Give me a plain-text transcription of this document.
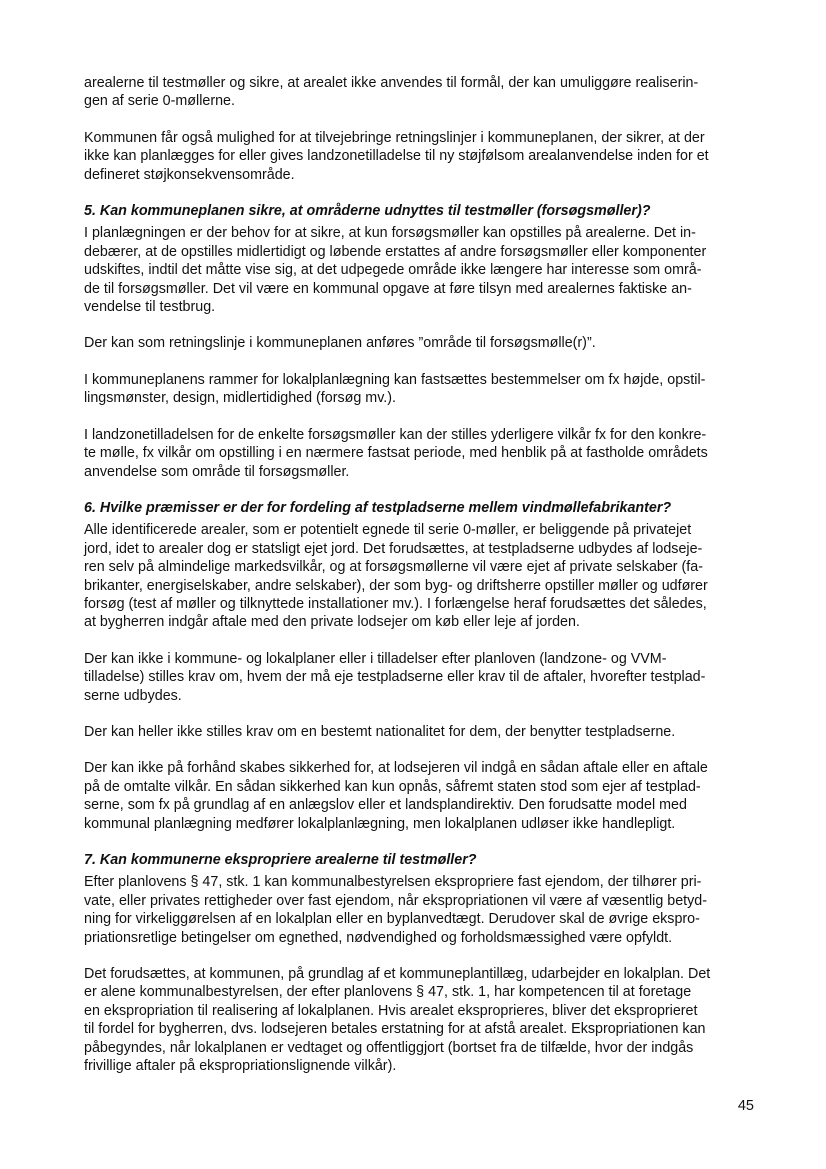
arealerne til testmøller og sikre, at arealet ikke anvendes til formål, der kan umuliggøre realiserin-
gen af serie 0-møllerne.

Kommunen får også mulighed for at tilvejebringe retningslinjer i kommuneplanen, der sikrer, at der
ikke kan planlægges for eller gives landzonetilladelse til ny støjfølsom arealanvendelse inden for et
defineret støjkonsekvensområde.

5. Kan kommuneplanen sikre, at områderne udnyttes til testmøller (forsøgsmøller)?

I planlægningen er der behov for at sikre, at kun forsøgsmøller kan opstilles på arealerne. Det in-
debærer, at de opstilles midlertidigt og løbende erstattes af andre forsøgsmøller eller komponenter
udskiftes, indtil det måtte vise sig, at det udpegede område ikke længere har interesse som områ-
de til forsøgsmøller. Det vil være en kommunal opgave at føre tilsyn med arealernes faktiske an-
vendelse til testbrug.

Der kan som retningslinje i kommuneplanen anføres ”område til forsøgsmølle(r)”.

I kommuneplanens rammer for lokalplanlægning kan fastsættes bestemmelser om fx højde, opstil-
lingsmønster, design, midlertidighed (forsøg mv.).

I landzonetilladelsen for de enkelte forsøgsmøller kan der stilles yderligere vilkår fx for den konkre-
te mølle, fx vilkår om opstilling i en nærmere fastsat periode, med henblik på at fastholde områdets
anvendelse som område til forsøgsmøller.

6. Hvilke præmisser er der for fordeling af testpladserne mellem vindmøllefabrikanter?

Alle identificerede arealer, som er potentielt egnede til serie 0-møller, er beliggende på privatejet
jord, idet to arealer dog er statsligt ejet jord. Det forudsættes, at testpladserne udbydes af lodseje-
ren selv på almindelige markedsvilkår, og at forsøgsmøllerne vil være ejet af private selskaber (fa-
brikanter, energiselskaber, andre selskaber), der som byg- og driftsherre opstiller møller og udfører
forsøg (test af møller og tilknyttede installationer mv.). I forlængelse heraf forudsættes det således,
at bygherren indgår aftale med den private lodsejer om køb eller leje af jorden.

Der kan ikke i kommune- og lokalplaner eller i tilladelser efter planloven (landzone- og VVM-
tilladelse) stilles krav om, hvem der må eje testpladserne eller krav til de aftaler, hvorefter testplad-
serne udbydes.

Der kan heller ikke stilles krav om en bestemt nationalitet for dem, der benytter testpladserne.

Der kan ikke på forhånd skabes sikkerhed for, at lodsejeren vil indgå en sådan aftale eller en aftale
på de omtalte vilkår. En sådan sikkerhed kan kun opnås, såfremt staten stod som ejer af testplad-
serne, som fx på grundlag af en anlægslov eller et landsplandirektiv. Den forudsatte model med
kommunal planlægning medfører lokalplanlægning, men lokalplanen udløser ikke handlepligt.

7. Kan kommunerne ekspropriere arealerne til testmøller?

Efter planlovens § 47, stk. 1 kan kommunalbestyrelsen ekspropriere fast ejendom, der tilhører pri-
vate, eller privates rettigheder over fast ejendom, når ekspropriationen vil være af væsentlig betyd-
ning for virkeliggørelsen af en lokalplan eller en byplanvedtægt. Derudover skal de øvrige ekspro-
priationsretlige betingelser om egnethed, nødvendighed og forholdsmæssighed være opfyldt.

Det forudsættes, at kommunen, på grundlag af et kommuneplantillæg, udarbejder en lokalplan. Det
er alene kommunalbestyrelsen, der efter planlovens § 47, stk. 1, har kompetencen til at foretage
en ekspropriation til realisering af lokalplanen. Hvis arealet eksproprieres, bliver det eksproprieret
til fordel for bygherren, dvs. lodsejeren betales erstatning for at afstå arealet. Ekspropriationen kan
påbegyndes, når lokalplanen er vedtaget og offentliggjort (bortset fra de tilfælde, hvor der indgås
frivillige aftaler på ekspropriationslignende vilkår).

45
